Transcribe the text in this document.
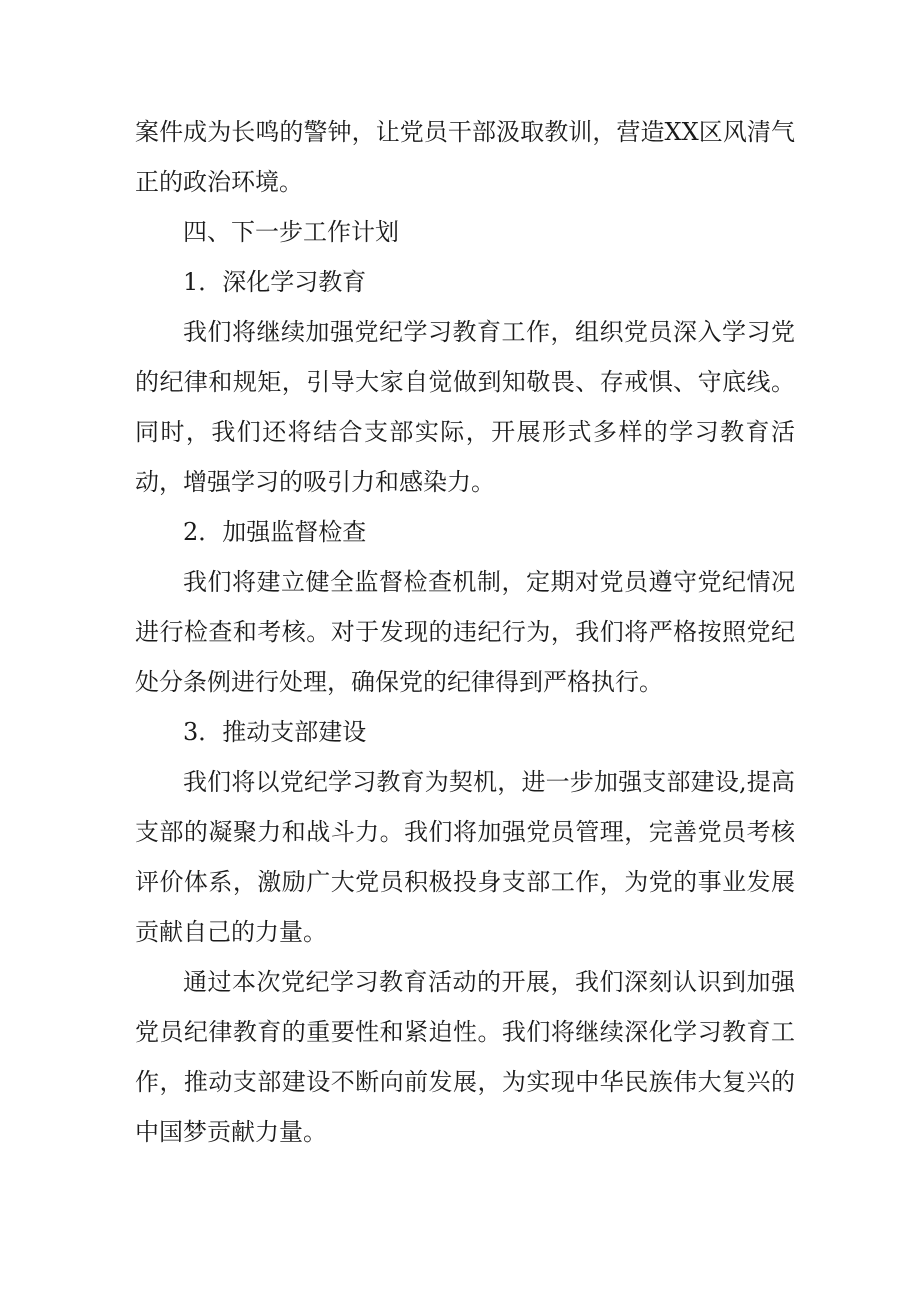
案件成为长鸣的警钟，让党员干部汲取教训，营造XX区风清气正的政治环境。

四、下一步工作计划

1．深化学习教育

我们将继续加强党纪学习教育工作，组织党员深入学习党的纪律和规矩，引导大家自觉做到知敬畏、存戒惧、守底线。同时，我们还将结合支部实际，开展形式多样的学习教育活动，增强学习的吸引力和感染力。

2．加强监督检查

我们将建立健全监督检查机制，定期对党员遵守党纪情况进行检查和考核。对于发现的违纪行为，我们将严格按照党纪处分条例进行处理，确保党的纪律得到严格执行。

3．推动支部建设

我们将以党纪学习教育为契机，进一步加强支部建设,提高支部的凝聚力和战斗力。我们将加强党员管理，完善党员考核评价体系，激励广大党员积极投身支部工作，为党的事业发展贡献自己的力量。

通过本次党纪学习教育活动的开展，我们深刻认识到加强党员纪律教育的重要性和紧迫性。我们将继续深化学习教育工作，推动支部建设不断向前发展，为实现中华民族伟大复兴的中国梦贡献力量。
